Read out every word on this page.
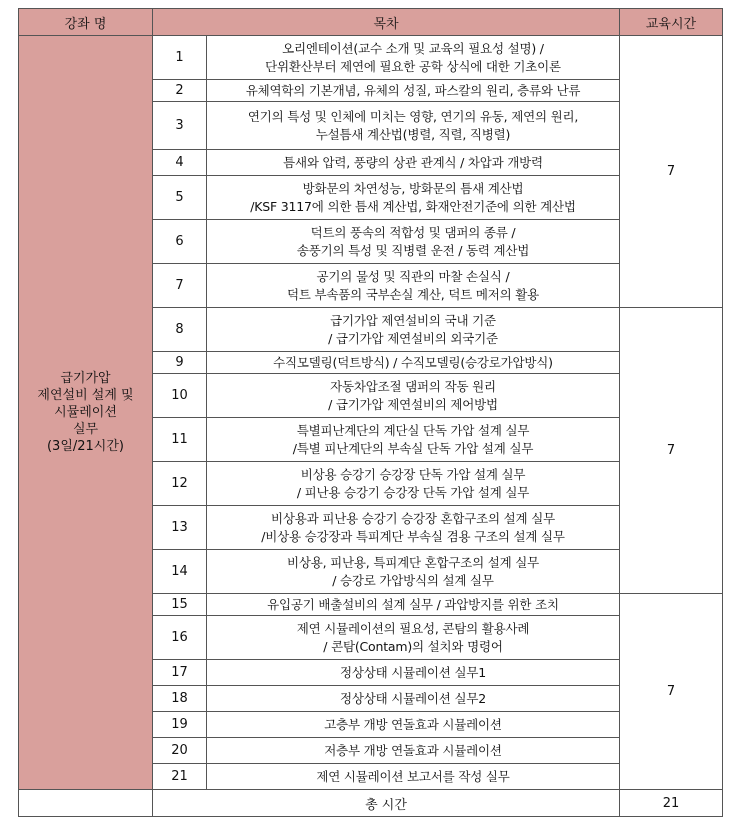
강좌 명	목차		교육시간

급기가압
제연설비 설계 및
시뮬레이션
실무
(3일/21시간)	1	오리엔테이션(교수 소개 및 교육의 필요성 설명) /
단위환산부터 제연에 필요한 공학 상식에 대한 기초이론	7
	2	유체역학의 기본개념, 유체의 성질, 파스칼의 원리, 층류와 난류	

	3	연기의 특성 및 인체에 미치는 영향, 연기의 유동, 제연의 원리,
누설틈새 계산법(병렬, 직렬, 직병렬)	

	4	틈새와 압력, 풍량의 상관 관계식 / 차압과 개방력	

	5	방화문의 차연성능, 방화문의 틈새 계산법
/KSF 3117에 의한 틈새 계산법, 화재안전기준에 의한 계산법	

	6	덕트의 풍속의 적합성 및 댐퍼의 종류 /
송풍기의 특성 및 직병렬 운전 / 동력 계산법	

	7	공기의 물성 및 직관의 마찰 손실식 /
덕트 부속품의 국부손실 계산, 덕트 메저의 활용	

	8	급기가압 제연설비의 국내 기준
/ 급기가압 제연설비의 외국기준	7
	9	수직모델링(덕트방식) / 수직모델링(승강로가압방식)	

	10	자동차압조절 댐퍼의 작동 원리
/ 급기가압 제연설비의 제어방법	

	11	특별피난계단의 계단실 단독 가압 설계 실무
/특별 피난계단의 부속실 단독 가압 설계 실무	

	12	비상용 승강기 승강장 단독 가압 설계 실무
/ 피난용 승강기 승강장 단독 가압 설계 실무	

	13	비상용과 피난용 승강기 승강장 혼합구조의 설계 실무
/비상용 승강장과 특피계단 부속실 겸용 구조의 설계 실무	

	14	비상용, 피난용, 특피계단 혼합구조의 설계 실무
/ 승강로 가압방식의 설계 실무	

	15	유입공기 배출설비의 설계 실무 / 과압방지를 위한 조치	7
	16	제연 시뮬레이션의 필요성, 콘탐의 활용사례
/ 콘탐(Contam)의 설치와 명령어	

	17	정상상태 시뮬레이션 실무1	

	18	정상상태 시뮬레이션 실무2	

	19	고층부 개방 연돌효과 시뮬레이션	

	20	저층부 개방 연돌효과 시뮬레이션	

	21	제연 시뮬레이션 보고서를 작성 실무	

	총 시간		21
